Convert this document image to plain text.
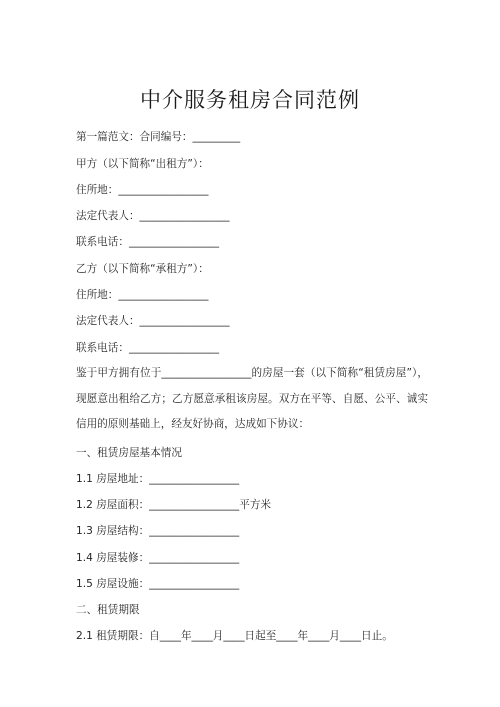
中介服务租房合同范例
第一篇范文：合同编号：_________
甲方（以下简称“出租方”）：
住所地：_________________
法定代表人：_________________
联系电话：_________________
乙方（以下简称“承租方”）：
住所地：_________________
法定代表人：_________________
联系电话：_________________
鉴于甲方拥有位于_________________的房屋一套（以下简称“租赁房屋”），现愿意出租给乙方；乙方愿意承租该房屋。双方在平等、自愿、公平、诚实信用的原则基础上，经友好协商，达成如下协议：
一、租赁房屋基本情况
1.1 房屋地址：_________________
1.2 房屋面积：_________________平方米
1.3 房屋结构：_________________
1.4 房屋装修：_________________
1.5 房屋设施：_________________
二、租赁期限
2.1 租赁期限：自____年____月____日起至____年____月____日止。
